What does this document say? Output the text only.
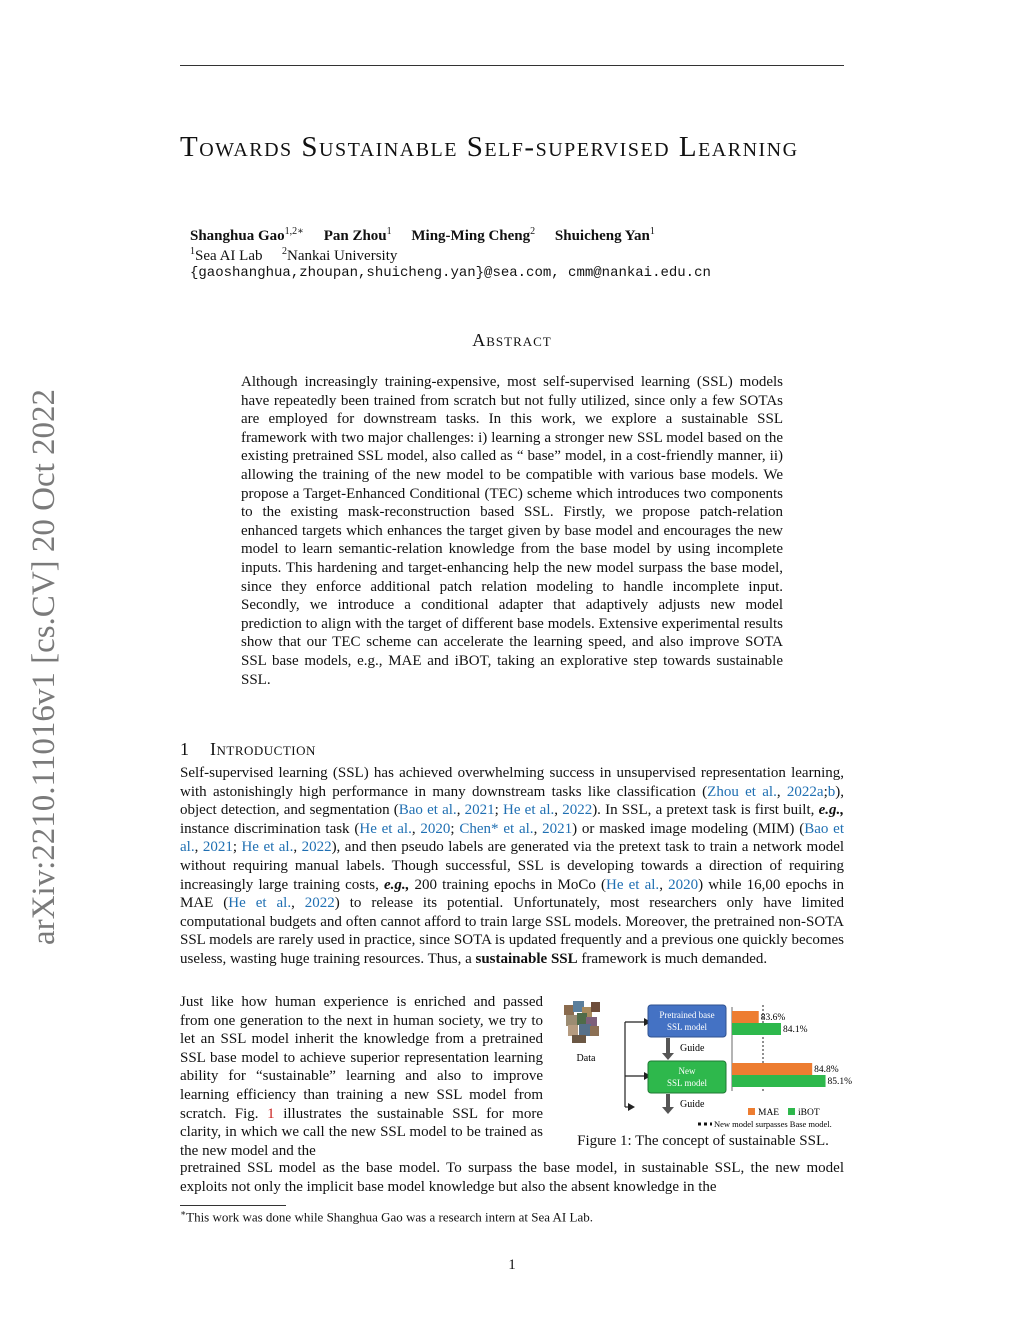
arXiv:2210.11016v1 [cs.CV] 20 Oct 2022
Towards Sustainable Self-supervised Learning
Shanghua Gao$^{1,2∗}$ Pan Zhou$^1$ Ming-Ming Cheng$^2$ Shuicheng Yan$^1$
$^1$Sea AI Lab $^2$Nankai University
{gaoshanghua,zhoupan,shuicheng.yan}@sea.com, cmm@nankai.edu.cn
Abstract
Although increasingly training-expensive, most self-supervised learning (SSL) models have repeatedly been trained from scratch but not fully utilized, since only a few SOTAs are employed for downstream tasks. In this work, we explore a sustainable SSL framework with two major challenges: i) learning a stronger new SSL model based on the existing pretrained SSL model, also called as “ base” model, in a cost-friendly manner, ii) allowing the training of the new model to be compatible with various base models. We propose a Target-Enhanced Conditional (TEC) scheme which introduces two components to the existing mask-reconstruction based SSL. Firstly, we propose patch-relation enhanced targets which enhances the target given by base model and encourages the new model to learn semantic-relation knowledge from the base model by using incomplete inputs. This hardening and target-enhancing help the new model surpass the base model, since they enforce additional patch relation modeling to handle incomplete input. Secondly, we introduce a conditional adapter that adaptively adjusts new model prediction to align with the target of different base models. Extensive experimental results show that our TEC scheme can accelerate the learning speed, and also improve SOTA SSL base models, e.g., MAE and iBOT, taking an explorative step towards sustainable SSL.
1 Introduction
Self-supervised learning (SSL) has achieved overwhelming success in unsupervised representation learning, with astonishingly high performance in many downstream tasks like classification (Zhou et al., 2022a;b), object detection, and segmentation (Bao et al., 2021; He et al., 2022). In SSL, a pretext task is first built, e.g., instance discrimination task (He et al., 2020; Chen* et al., 2021) or masked image modeling (MIM) (Bao et al., 2021; He et al., 2022), and then pseudo labels are generated via the pretext task to train a network model without requiring manual labels. Though successful, SSL is developing towards a direction of requiring increasingly large training costs, e.g., 200 training epochs in MoCo (He et al., 2020) while 16,00 epochs in MAE (He et al., 2022) to release its potential. Unfortunately, most researchers only have limited computational budgets and often cannot afford to train large SSL models. Moreover, the pretrained non-SOTA SSL models are rarely used in practice, since SOTA is updated frequently and a previous one quickly becomes useless, wasting huge training resources. Thus, a sustainable SSL framework is much demanded.
Just like how human experience is enriched and passed from one generation to the next in human society, we try to let an SSL model inherit the knowledge from a pretrained SSL base model to achieve superior representation learning ability for “sustainable” learning and also to improve learning efficiency than training a new SSL model from scratch. Fig. 1 illustrates the sustainable SSL for more clarity, in which we call the new SSL model to be trained as the new model and the
pretrained SSL model as the base model. To surpass the base model, in sustainable SSL, the new model exploits not only the implicit base model knowledge but also the absent knowledge in the
Data
Pretrained base
SSL model
Guide
New
SSL model
Guide
83.6%
84.1%
84.8%
85.1%
MAE iBOT
New model surpasses Base model.
Figure 1: The concept of sustainable SSL.
∗This work was done while Shanghua Gao was a research intern at Sea AI Lab.
1
